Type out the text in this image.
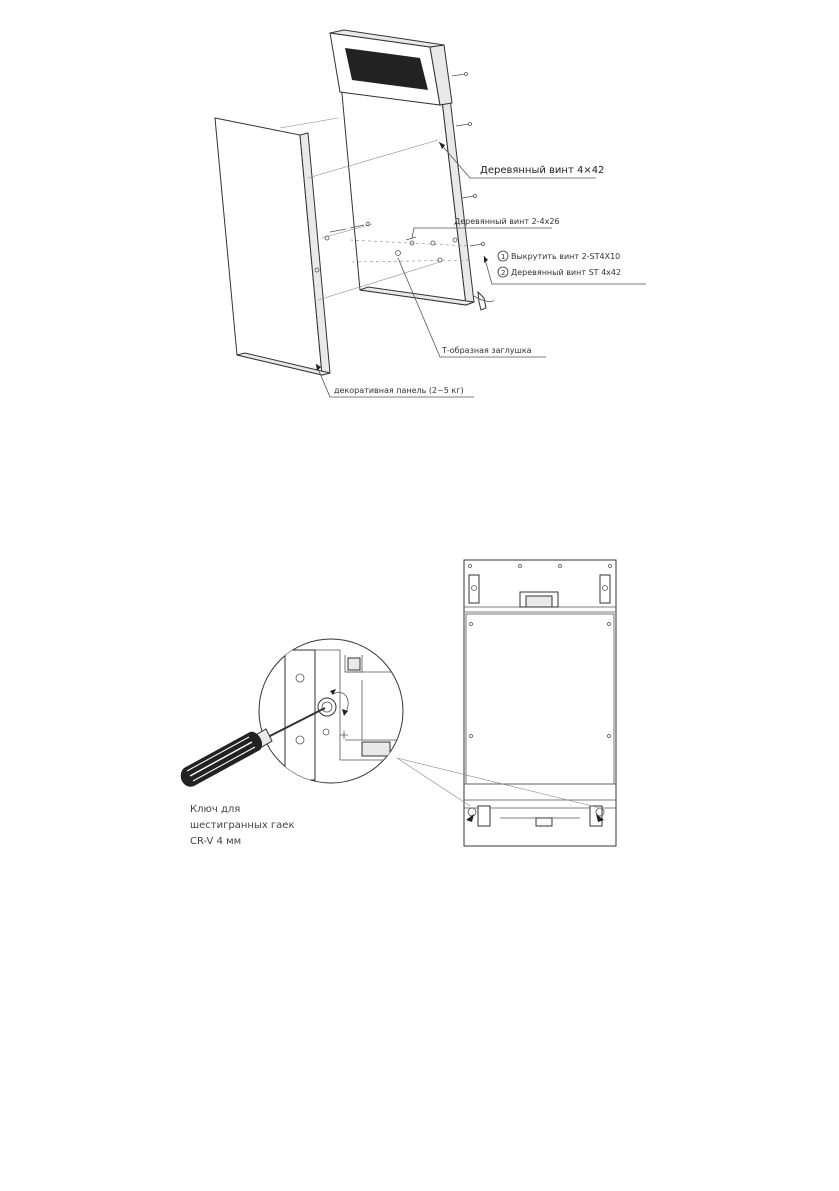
Деревянный винт 4×42
Деревянный винт 2-4x26
1 Выкрутить винт 2-ST4X10
2 Деревянный винт ST 4x42
Т-образная заглушка
декоративная панель (2~5 кг)
Ключ для
шестигранных гаек
CR-V 4 мм
